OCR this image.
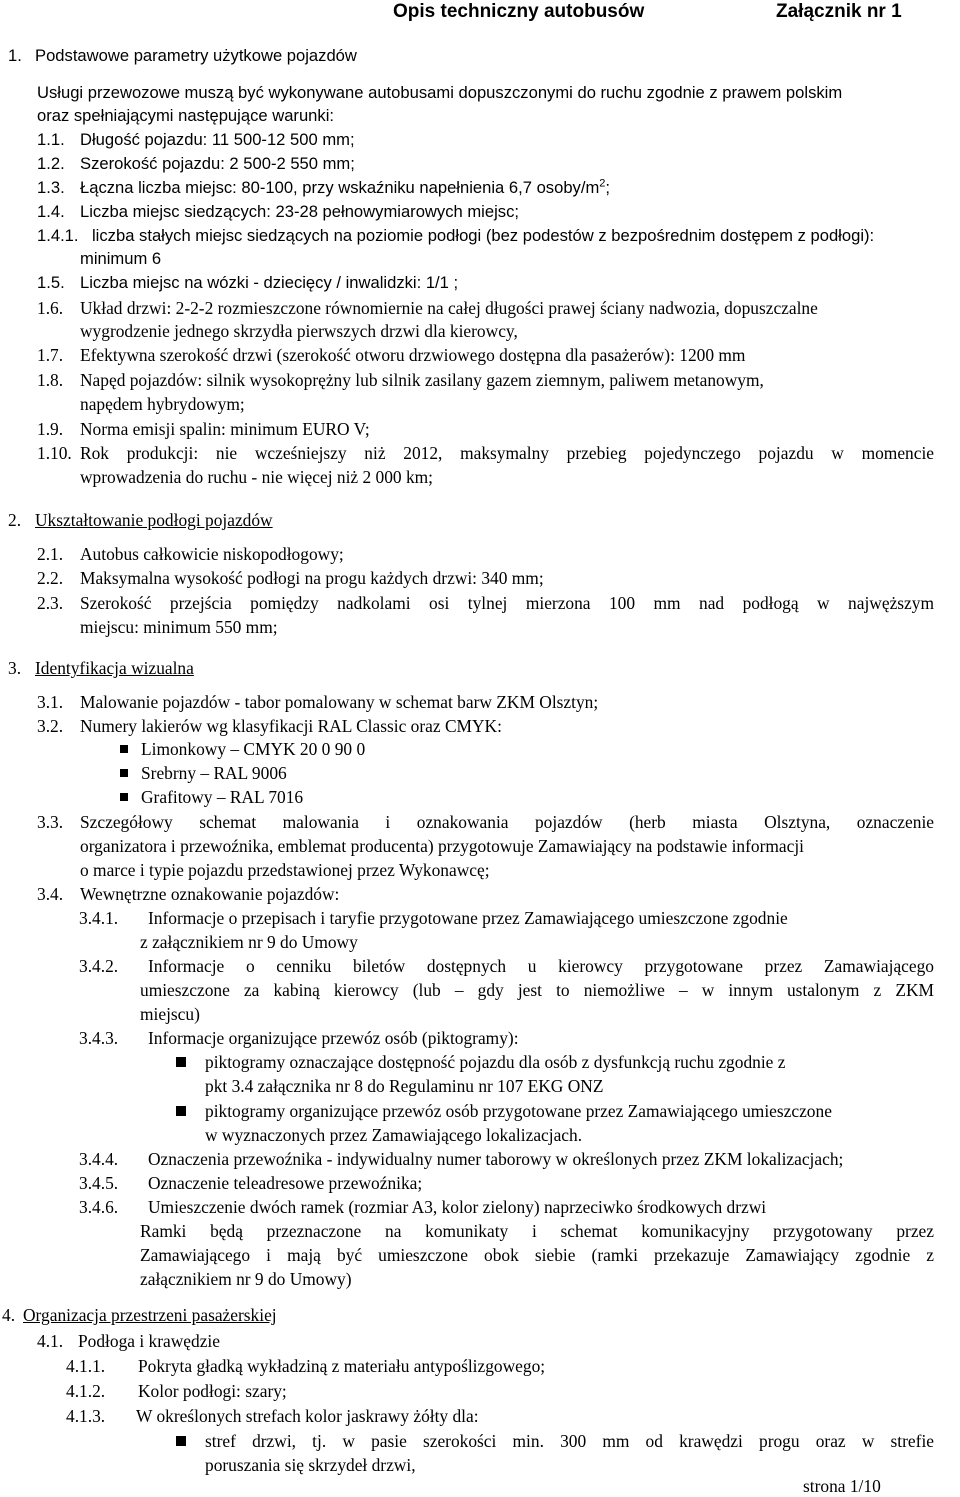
Opis techniczny autobusów	Załącznik nr 1
1. Podstawowe parametry użytkowe pojazdów
Usługi przewozowe muszą być wykonywane autobusami dopuszczonymi do ruchu zgodnie z prawem polskim
oraz spełniającymi następujące warunki:
1.1. Długość pojazdu: 11 500-12 500 mm;
1.2. Szerokość pojazdu: 2 500-2 550 mm;
1.3. Łączna liczba miejsc: 80-100, przy wskaźniku napełnienia 6,7 osoby/$m^2$;
1.4. Liczba miejsc siedzących: 23-28 pełnowymiarowych miejsc;
1.4.1. liczba stałych miejsc siedzących na poziomie podłogi (bez podestów z bezpośrednim dostępem z podłogi):
minimum 6
1.5. Liczba miejsc na wózki - dziecięcy / inwalidzki: 1/1 ;
1.6. Układ drzwi: 2-2-2 rozmieszczone równomiernie na całej długości prawej ściany nadwozia, dopuszczalne
wygrodzenie jednego skrzydła pierwszych drzwi dla kierowcy,
1.7. Efektywna szerokość drzwi (szerokość otworu drzwiowego dostępna dla pasażerów): 1200 mm
1.8. Napęd pojazdów: silnik wysokoprężny lub silnik zasilany gazem ziemnym, paliwem metanowym,
napędem hybrydowym;
1.9. Norma emisji spalin: minimum EURO V;
1.10. Rok produkcji: nie wcześniejszy niż 2012, maksymalny przebieg pojedynczego pojazdu w momencie
wprowadzenia do ruchu - nie więcej niż 2 000 km;
2. Ukształtowanie podłogi pojazdów
2.1. Autobus całkowicie niskopodłogowy;
2.2. Maksymalna wysokość podłogi na progu każdych drzwi: 340 mm;
2.3. Szerokość przejścia pomiędzy nadkolami osi tylnej mierzona 100 mm nad podłogą w najwęższym
miejscu: minimum 550 mm;
3. Identyfikacja wizualna
3.1. Malowanie pojazdów - tabor pomalowany w schemat barw ZKM Olsztyn;
3.2. Numery lakierów wg klasyfikacji RAL Classic oraz CMYK:
Limonkowy – CMYK 20 0 90 0
Srebrny – RAL 9006
Grafitowy – RAL 7016
3.3. Szczegółowy schemat malowania i oznakowania pojazdów (herb miasta Olsztyna, oznaczenie
organizatora i przewoźnika, emblemat producenta) przygotowuje Zamawiający na podstawie informacji
o marce i typie pojazdu przedstawionej przez Wykonawcę;
3.4. Wewnętrzne oznakowanie pojazdów:
3.4.1. Informacje o przepisach i taryfie przygotowane przez Zamawiającego umieszczone zgodnie
z załącznikiem nr 9 do Umowy
3.4.2. Informacje o cenniku biletów dostępnych u kierowcy przygotowane przez Zamawiającego
umieszczone za kabiną kierowcy (lub – gdy jest to niemożliwe – w innym ustalonym z ZKM
miejscu)
3.4.3. Informacje organizujące przewóz osób (piktogramy):
piktogramy oznaczające dostępność pojazdu dla osób z dysfunkcją ruchu zgodnie z
pkt 3.4 załącznika nr 8 do Regulaminu nr 107 EKG ONZ
piktogramy organizujące przewóz osób przygotowane przez Zamawiającego umieszczone
w wyznaczonych przez Zamawiającego lokalizacjach.
3.4.4. Oznaczenia przewoźnika - indywidualny numer taborowy w określonych przez ZKM lokalizacjach;
3.4.5. Oznaczenie teleadresowe przewoźnika;
3.4.6. Umieszczenie dwóch ramek (rozmiar A3, kolor zielony) naprzeciwko środkowych drzwi
Ramki będą przeznaczone na komunikaty i schemat komunikacyjny przygotowany przez
Zamawiającego i mają być umieszczone obok siebie (ramki przekazuje Zamawiający zgodnie z
załącznikiem nr 9 do Umowy)
4. Organizacja przestrzeni pasażerskiej
4.1. Podłoga i krawędzie
4.1.1. Pokryta gładką wykładziną z materiału antypoślizgowego;
4.1.2. Kolor podłogi: szary;
4.1.3. W określonych strefach kolor jaskrawy żółty dla:
stref drzwi, tj. w pasie szerokości min. 300 mm od krawędzi progu oraz w strefie
poruszania się skrzydeł drzwi,
strona 1/10
